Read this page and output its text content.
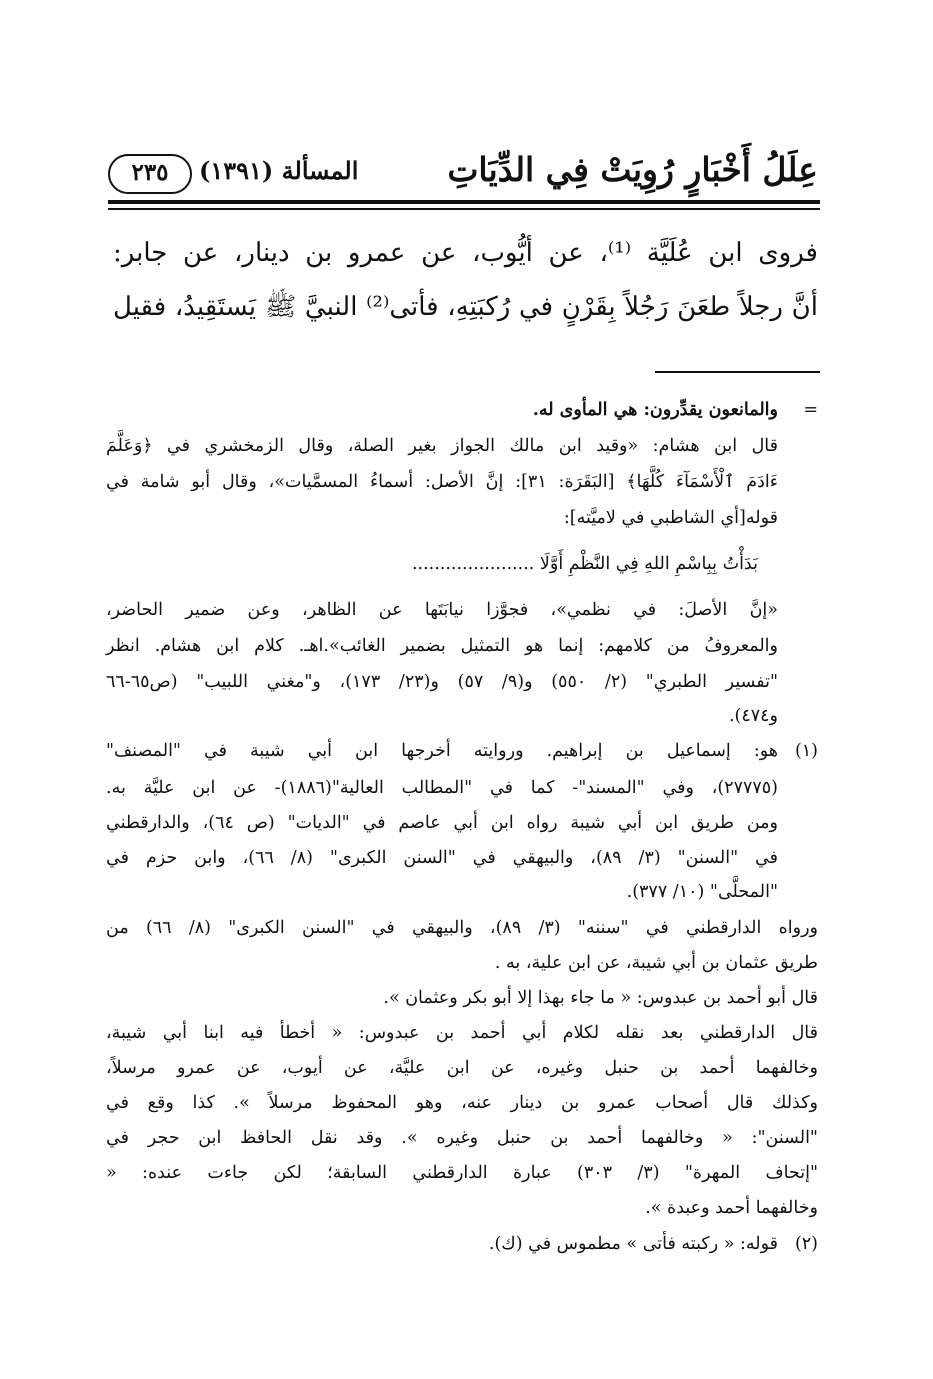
عِلَلُ أَخْبَارٍ رُوِيَتْ فِي الدِّيَاتِ
المسألة (١٣٩١)
٢٣٥
فروى ابن عُلَيَّة ⁽¹⁾، عن أيُّوب، عن عمرو بن دينار، عن جابر:
أنَّ رجلاً طعَنَ رَجُلاً بِقَرْنٍ في رُكبَتِهِ، فأتى⁽²⁾ النبيَّ ﷺ يَستَقِيدُ، فقيل
=
والمانعون يقدِّرون: هي المأوى له.
قال ابن هشام: «وقيد ابن مالك الجواز بغير الصلة، وقال الزمخشري في ﴿وَعَلَّمَ
ءَادَمَ ٱلْأَسْمَآءَ كُلَّهَا﴾ [البَقَرَة: ٣١]: إنَّ الأصل: أسماءُ المسمَّيات»، وقال أبو شامة في
قوله[أي الشاطبي في لاميَّته]:
بَدَأْتُ بِبِاسْمِ اللهِ فِي النَّظْمِ أَوَّلَا ......................
«إنَّ الأصلَ: في نظمي»، فجوَّزا نيابَتَها عن الظاهر، وعن ضمير الحاضر،
والمعروفُ من كلامهم: إنما هو التمثيل بضمير الغائب».اهـ. كلام ابن هشام. انظر
"تفسير الطبري" (٢/ ٥٥٠) و(٩/ ٥٧) و(٢٣/ ١٧٣)، و"مغني اللبيب" (ص٦٥-٦٦
و٤٧٤).
(١)
هو: إسماعيل بن إبراهيم. وروايته أخرجها ابن أبي شيبة في "المصنف"
(٢٧٧٧٥)، وفي "المسند"- كما في "المطالب العالية"(١٨٨٦)- عن ابن عليَّة به.
ومن طريق ابن أبي شيبة رواه ابن أبي عاصم في "الديات" (ص ٦٤)، والدارقطني
في "السنن" (٣/ ٨٩)، والبيهقي في "السنن الكبرى" (٨/ ٦٦)، وابن حزم في
"المحلَّى" (١٠/ ٣٧٧).
ورواه الدارقطني في "سننه" (٣/ ٨٩)، والبيهقي في "السنن الكبرى" (٨/ ٦٦) من
طريق عثمان بن أبي شيبة، عن ابن علية، به .
قال أبو أحمد بن عبدوس: « ما جاء بهذا إلا أبو بكر وعثمان ».
قال الدارقطني بعد نقله لكلام أبي أحمد بن عبدوس: « أخطأ فيه ابنا أبي شيبة،
وخالفهما أحمد بن حنبل وغيره، عن ابن عليَّة، عن أيوب، عن عمرو مرسلاً،
وكذلك قال أصحاب عمرو بن دينار عنه، وهو المحفوظ مرسلاً ». كذا وقع في
"السنن": « وخالفهما أحمد بن حنبل وغيره ». وقد نقل الحافظ ابن حجر في
"إتحاف المهرة" (٣/ ٣٠٣) عبارة الدارقطني السابقة؛ لكن جاءت عنده: «
وخالفهما أحمد وعبدة ».
(٢)
قوله: « ركبته فأتى » مطموس في (ك).
